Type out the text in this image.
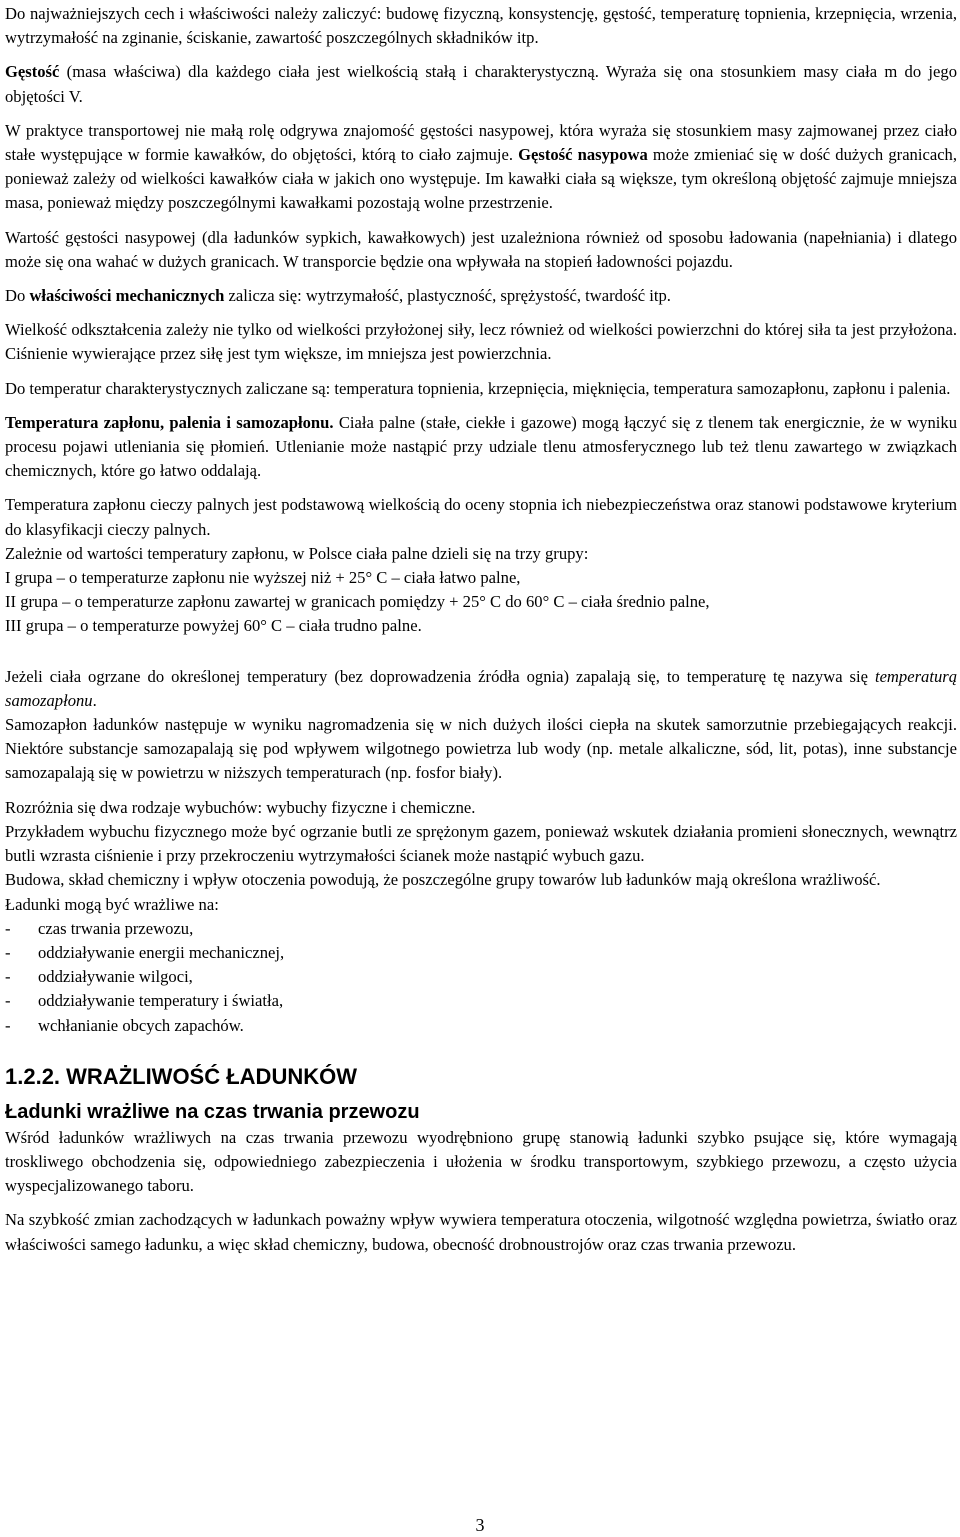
Do najważniejszych cech i właściwości należy zaliczyć: budowę fizyczną, konsystencję, gęstość, temperaturę topnienia, krzepnięcia, wrzenia, wytrzymałość na zginanie, ściskanie, zawartość poszczególnych składników itp.

Gęstość (masa właściwa) dla każdego ciała jest wielkością stałą i charakterystyczną. Wyraża się ona stosunkiem masy ciała m do jego objętości V.

W praktyce transportowej nie małą rolę odgrywa znajomość gęstości nasypowej, która wyraża się stosunkiem masy zajmowanej przez ciało stałe występujące w formie kawałków, do objętości, którą to ciało zajmuje. Gęstość nasypowa może zmieniać się w dość dużych granicach, ponieważ zależy od wielkości kawałków ciała w jakich ono występuje. Im kawałki ciała są większe, tym określoną objętość zajmuje mniejsza masa, ponieważ między poszczególnymi kawałkami pozostają wolne przestrzenie.

Wartość gęstości nasypowej (dla ładunków sypkich, kawałkowych) jest uzależniona również od sposobu ładowania (napełniania) i dlatego może się ona wahać w dużych granicach. W transporcie będzie ona wpływała na stopień ładowności pojazdu.

Do właściwości mechanicznych zalicza się: wytrzymałość, plastyczność, sprężystość, twardość itp.

Wielkość odkształcenia zależy nie tylko od wielkości przyłożonej siły, lecz również od wielkości powierzchni do której siła ta jest przyłożona. Ciśnienie wywierające przez siłę jest tym większe, im mniejsza jest powierzchnia.

Do temperatur charakterystycznych zaliczane są: temperatura topnienia, krzepnięcia, mięknięcia, temperatura samozapłonu, zapłonu i palenia.

Temperatura zapłonu, palenia i samozapłonu. Ciała palne (stałe, ciekłe i gazowe) mogą łączyć się z tlenem tak energicznie, że w wyniku procesu pojawi utleniania się płomień. Utlenianie może nastąpić przy udziale tlenu atmosferycznego lub też tlenu zawartego w związkach chemicznych, które go łatwo oddalają.

Temperatura zapłonu cieczy palnych jest podstawową wielkością do oceny stopnia ich niebezpieczeństwa oraz stanowi podstawowe kryterium do klasyfikacji cieczy palnych.

Zależnie od wartości temperatury zapłonu, w Polsce ciała palne dzieli się na trzy grupy:
I grupa – o temperaturze zapłonu nie wyższej niż + 25° C – ciała łatwo palne,
II grupa – o temperaturze zapłonu zawartej w granicach pomiędzy + 25° C do 60° C – ciała średnio palne,
III grupa – o temperaturze powyżej 60° C – ciała trudno palne.

Jeżeli ciała ogrzane do określonej temperatury (bez doprowadzenia źródła ognia) zapalają się, to temperaturę tę nazywa się temperaturą samozapłonu.

Samozapłon ładunków następuje w wyniku nagromadzenia się w nich dużych ilości ciepła na skutek samorzutnie przebiegających reakcji. Niektóre substancje samozapalają się pod wpływem wilgotnego powietrza lub wody (np. metale alkaliczne, sód, lit, potas), inne substancje samozapalają się w powietrzu w niższych temperaturach (np. fosfor biały).

Rozróżnia się dwa rodzaje wybuchów: wybuchy fizyczne i chemiczne.

Przykładem wybuchu fizycznego może być ogrzanie butli ze sprężonym gazem, ponieważ wskutek działania promieni słonecznych, wewnątrz butli wzrasta ciśnienie i przy przekroczeniu wytrzymałości ścianek może nastąpić wybuch gazu.

Budowa, skład chemiczny i wpływ otoczenia powodują, że poszczególne grupy towarów lub ładunków mają określona wrażliwość.

Ładunki mogą być wrażliwe na:
- czas trwania przewozu,
- oddziaływanie energii mechanicznej,
- oddziaływanie wilgoci,
- oddziaływanie temperatury i światła,
- wchłanianie obcych zapachów.
1.2.2. WRAŻLIWOŚĆ ŁADUNKÓW
Ładunki wrażliwe na czas trwania przewozu

Wśród ładunków wrażliwych na czas trwania przewozu wyodrębniono grupę stanowią ładunki szybko psujące się, które wymagają troskliwego obchodzenia się, odpowiedniego zabezpieczenia i ułożenia w środku transportowym, szybkiego przewozu, a często użycia wyspecjalizowanego taboru.

Na szybkość zmian zachodzących w ładunkach poważny wpływ wywiera temperatura otoczenia, wilgotność względna powietrza, światło oraz właściwości samego ładunku, a więc skład chemiczny, budowa, obecność drobnoustrojów oraz czas trwania przewozu.

3
